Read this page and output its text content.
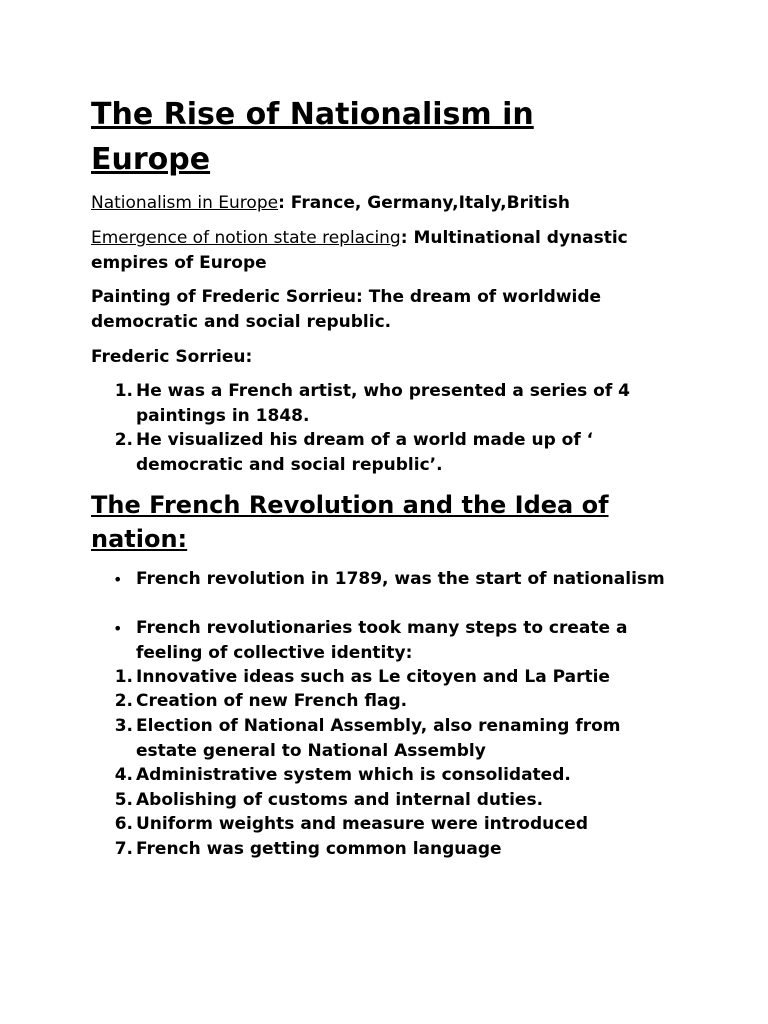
The Rise of Nationalism in Europe

Nationalism in Europe: France, Germany,Italy,British

Emergence of notion state replacing: Multinational dynastic empires of Europe

Painting of Frederic Sorrieu: The dream of worldwide democratic and social republic.

Frederic Sorrieu:

1. He was a French artist, who presented a series of 4 paintings in 1848.
2. He visualized his dream of a world made up of ‘ democratic and social republic’.
The French Revolution and the Idea of nation:
• French revolution in 1789, was the start of nationalism
• French revolutionaries took many steps to create a feeling of collective identity:
1. Innovative ideas such as Le citoyen and La Partie
2. Creation of new French flag.
3. Election of National Assembly, also renaming from estate general to National Assembly
4. Administrative system which is consolidated.
5. Abolishing of customs and internal duties.
6. Uniform weights and measure were introduced
7. French was getting common language
